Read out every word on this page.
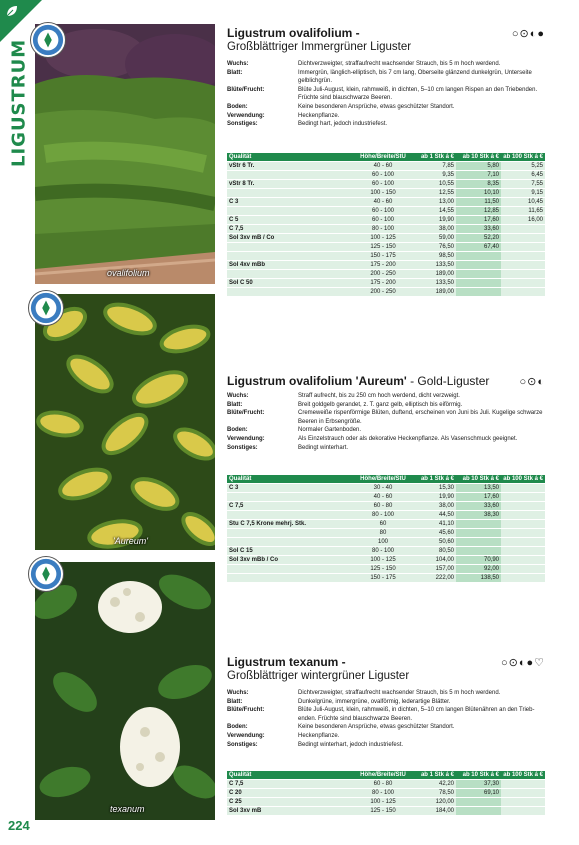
LIGUSTRUM
ovalifolium
'Aureum'
texanum
○⊙◐●
Ligustrum ovalifolium -
Großblättriger Immergrüner Liguster
Wuchs:	Dichtverzweigter, straffaufrecht wachsender Strauch, bis 5 m hoch werdend.
Blatt:	Immergrün, länglich-elliptisch, bis 7 cm lang, Oberseite glänzend dunkelgrün, Unterseite gelblichgrün.
Blüte/Frucht:	Blüte Juli-August, klein, rahmweiß, in dichten, 5–10 cm langen Rispen an den Triebenden. Früchte sind blauschwarze Beeren.
Boden:	Keine besonderen Ansprüche, etwas geschützter Standort.
Verwendung:	Heckenpflanze.
Sonstiges:	Bedingt hart, jedoch industriefest.
Qualität	Höhe/Breite/StU	ab 1 Stk á €	ab 10 Stk á €	ab 100 Stk á €
vStr 6 Tr.	40 - 60	7,85	5,80	5,25
	60 - 100	9,35	7,10	6,45
vStr 8 Tr.	60 - 100	10,55	8,35	7,55
	100 - 150	12,55	10,10	9,15
C 3	40 - 60	13,00	11,50	10,45
	60 - 100	14,55	12,85	11,65
C 5	60 - 100	19,90	17,60	16,00
C 7,5	80 - 100	38,00	33,60	
Sol 3xv mB / Co	100 - 125	59,00	52,20	
	125 - 150	76,50	67,40	
	150 - 175	98,50		
Sol 4xv mBb	175 - 200	133,50		
	200 - 250	189,00		
Sol C 50	175 - 200	133,50		
	200 - 250	189,00		
○⊙◐
Ligustrum ovalifolium 'Aureum' - Gold-Liguster
Wuchs:	Straff aufrecht, bis zu 250 cm hoch werdend, dicht verzweigt.
Blatt:	Breit goldgelb gerandet, z. T. ganz gelb, elliptisch bis eiförmig.
Blüte/Frucht:	Cremeweiße rispenförmige Blüten, duftend, erscheinen von Juni bis Juli. Kugelige schwarze Beeren in Erbsengröße.
Boden:	Normaler Gartenboden.
Verwendung:	Als Einzelstrauch oder als dekorative Heckenpflanze. Als Vasenschmuck geeignet.
Sonstiges:	Bedingt winterhart.
Qualität	Höhe/Breite/StU	ab 1 Stk á €	ab 10 Stk á €	ab 100 Stk á €
C 3	30 - 40	15,30	13,50	
	40 - 60	19,90	17,60	
C 7,5	60 - 80	38,00	33,60	
	80 - 100	44,50	38,30	
Stu C 7,5 Krone mehrj. Stk.	60	41,10		
	80	45,60		
	100	50,60		
Sol C 15	80 - 100	80,50		
Sol 3xv mBb / Co	100 - 125	104,00	70,90	
	125 - 150	157,00	92,00	
	150 - 175	222,00	138,50	
○⊙◐●♡
Ligustrum texanum -
Großblättriger wintergrüner Liguster
Wuchs:	Dichtverzweigter, straffaufrecht wachsender Strauch, bis 5 m hoch werdend.
Blatt:	Dunkelgrüne, immergrüne, ovalförmig, lederartige Blätter.
Blüte/Frucht:	Blüte Juli-August, klein, rahmweiß, in dichten, 5–10 cm langen Blütenähren an den Triebenden. Früchte sind blauschwarze Beeren.
Boden:	Keine besonderen Ansprüche, etwas geschützter Standort.
Verwendung:	Heckenpflanze.
Sonstiges:	Bedingt winterhart, jedoch industriefest.
Qualität	Höhe/Breite/StU	ab 1 Stk á €	ab 10 Stk á €	ab 100 Stk á €
C 7,5	60 - 80	42,20	37,30	
C 20	80 - 100	78,50	69,10	
C 25	100 - 125	120,00		
Sol 3xv mB	125 - 150	184,00		
224
